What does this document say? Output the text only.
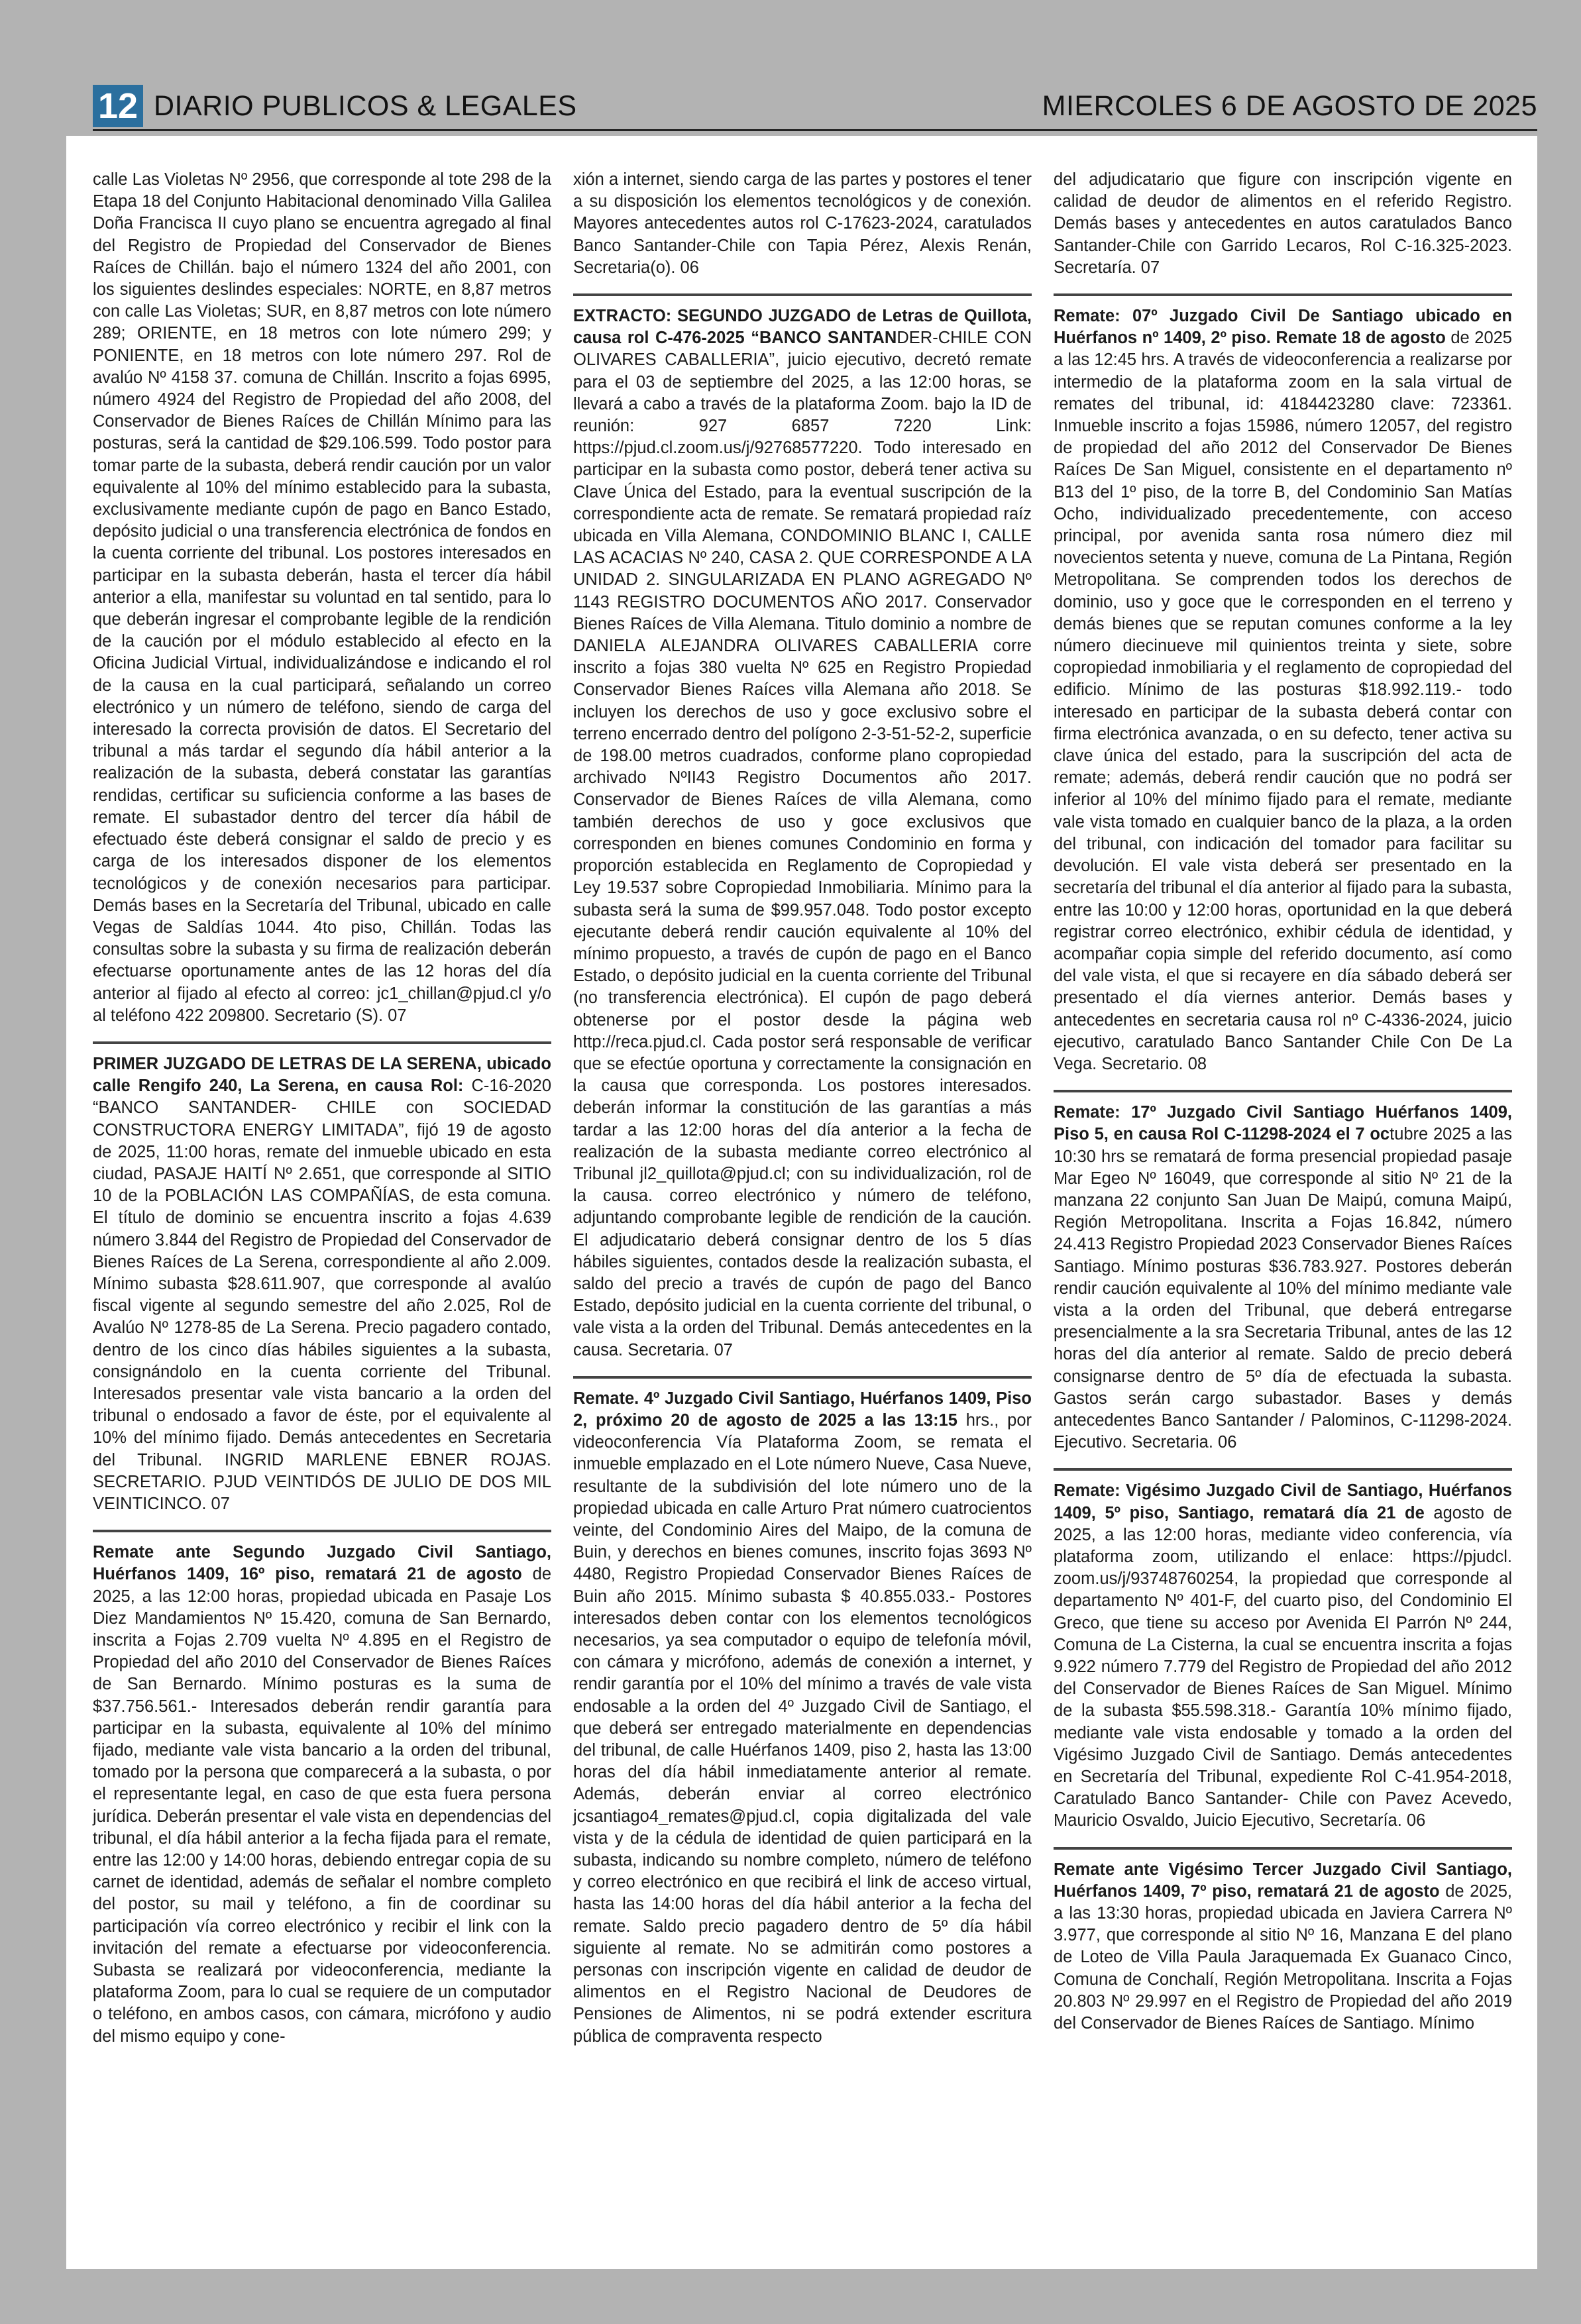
12 DIARIO PUBLICOS & LEGALES	MIERCOLES 6 DE AGOSTO DE 2025

calle Las Violetas Nº 2956, que corresponde al tote 298 de la Etapa 18 del Conjunto Habitacional denominado Villa Galilea Doña Francisca II cuyo plano se encuentra agregado al final del Registro de Propiedad del Conservador de Bienes Raíces de Chillán. bajo el número 1324 del año 2001, con los siguientes deslindes especiales: NORTE, en 8,87 metros con calle Las Violetas; SUR, en 8,87 metros con lote número 289; ORIENTE, en 18 metros con lote número 299; y PONIENTE, en 18 metros con lote número 297. Rol de avalúo Nº 4158 37. comuna de Chillán. Inscrito a fojas 6995, número 4924 del Registro de Propiedad del año 2008, del Conservador de Bienes Raíces de Chillán Mínimo para las posturas, será la cantidad de $29.106.599. Todo postor para tomar parte de la subasta, deberá rendir caución por un valor equivalente al 10% del mínimo establecido para la subasta, exclusivamente mediante cupón de pago en Banco Estado, depósito judicial o una transferencia electrónica de fondos en la cuenta corriente del tribunal. Los postores interesados en participar en la subasta deberán, hasta el tercer día hábil anterior a ella, manifestar su voluntad en tal sentido, para lo que deberán ingresar el comprobante legible de la rendición de la caución por el módulo establecido al efecto en la Oficina Judicial Virtual, individualizándose e indicando el rol de la causa en la cual participará, señalando un correo electrónico y un número de teléfono, siendo de carga del interesado la correcta provisión de datos. El Secretario del tribunal a más tardar el segundo día hábil anterior a la realización de la subasta, deberá constatar las garantías rendidas, certificar su suficiencia conforme a las bases de remate. El subastador dentro del tercer día hábil de efectuado éste deberá consignar el saldo de precio y es carga de los interesados disponer de los elementos tecnológicos y de conexión necesarios para participar. Demás bases en la Secretaría del Tribunal, ubicado en calle Vegas de Saldías 1044. 4to piso, Chillán. Todas las consultas sobre la subasta y su firma de realización deberán efectuarse oportunamente antes de las 12 horas del día anterior al fijado al efecto al correo: jc1_chillan@pjud.cl y/o al teléfono 422 209800. Secretario (S). 07

PRIMER JUZGADO DE LETRAS DE LA SERENA, ubicado calle Rengifo 240, La Serena, en causa Rol: C-16-2020 “BANCO SANTANDER- CHILE con SOCIEDAD CONSTRUCTORA ENERGY LIMITADA”, fijó 19 de agosto de 2025, 11:00 horas, remate del inmueble ubicado en esta ciudad, PASAJE HAITÍ Nº 2.651, que corresponde al SITIO 10 de la POBLACIÓN LAS COMPAÑÍAS, de esta comuna. El título de dominio se encuentra inscrito a fojas 4.639 número 3.844 del Registro de Propiedad del Conservador de Bienes Raíces de La Serena, correspondiente al año 2.009. Mínimo subasta $28.611.907, que corresponde al avalúo fiscal vigente al segundo semestre del año 2.025, Rol de Avalúo Nº 1278-85 de La Serena. Precio pagadero contado, dentro de los cinco días hábiles siguientes a la subasta, consignándolo en la cuenta corriente del Tribunal. Interesados presentar vale vista bancario a la orden del tribunal o endosado a favor de éste, por el equivalente al 10% del mínimo fijado. Demás antecedentes en Secretaria del Tribunal. INGRID MARLENE EBNER ROJAS. SECRETARIO. PJUD VEINTIDÓS DE JULIO DE DOS MIL VEINTICINCO. 07

Remate ante Segundo Juzgado Civil Santiago, Huérfanos 1409, 16º piso, rematará 21 de agosto de 2025, a las 12:00 horas, propiedad ubicada en Pasaje Los Diez Mandamientos Nº 15.420, comuna de San Bernardo, inscrita a Fojas 2.709 vuelta Nº 4.895 en el Registro de Propiedad del año 2010 del Conservador de Bienes Raíces de San Bernardo. Mínimo posturas es la suma de $37.756.561.- Interesados deberán rendir garantía para participar en la subasta, equivalente al 10% del mínimo fijado, mediante vale vista bancario a la orden del tribunal, tomado por la persona que comparecerá a la subasta, o por el representante legal, en caso de que esta fuera persona jurídica. Deberán presentar el vale vista en dependencias del tribunal, el día hábil anterior a la fecha fijada para el remate, entre las 12:00 y 14:00 horas, debiendo entregar copia de su carnet de identidad, además de señalar el nombre completo del postor, su mail y teléfono, a fin de coordinar su participación vía correo electrónico y recibir el link con la invitación del remate a efectuarse por videoconferencia. Subasta se realizará por videoconferencia, mediante la plataforma Zoom, para lo cual se requiere de un computador o teléfono, en ambos casos, con cámara, micrófono y audio del mismo equipo y cone-

xión a internet, siendo carga de las partes y postores el tener a su disposición los elementos tecnológicos y de conexión. Mayores antecedentes autos rol C-17623-2024, caratulados Banco Santander-Chile con Tapia Pérez, Alexis Renán, Secretaria(o). 06

EXTRACTO: SEGUNDO JUZGADO de Letras de Quillota, causa rol C-476-2025 “BANCO SANTANDER-CHILE CON OLIVARES CABALLERIA”, juicio ejecutivo, decretó remate para el 03 de septiembre del 2025, a las 12:00 horas, se llevará a cabo a través de la plataforma Zoom. bajo la ID de reunión: 927 6857 7220 Link: https://pjud.cl.zoom.us/j/92768577220. Todo interesado en participar en la subasta como postor, deberá tener activa su Clave Única del Estado, para la eventual suscripción de la correspondiente acta de remate. Se rematará propiedad raíz ubicada en Villa Alemana, CONDOMINIO BLANC I, CALLE LAS ACACIAS Nº 240, CASA 2. QUE CORRESPONDE A LA UNIDAD 2. SINGULARIZADA EN PLANO AGREGADO Nº 1143 REGISTRO DOCUMENTOS AÑO 2017. Conservador Bienes Raíces de Villa Alemana. Titulo dominio a nombre de DANIELA ALEJANDRA OLIVARES CABALLERIA corre inscrito a fojas 380 vuelta Nº 625 en Registro Propiedad Conservador Bienes Raíces villa Alemana año 2018. Se incluyen los derechos de uso y goce exclusivo sobre el terreno encerrado dentro del polígono 2-3-51-52-2, superficie de 198.00 metros cuadrados, conforme plano copropiedad archivado NºII43 Registro Documentos año 2017. Conservador de Bienes Raíces de villa Alemana, como también derechos de uso y goce exclusivos que corresponden en bienes comunes Condominio en forma y proporción establecida en Reglamento de Copropiedad y Ley 19.537 sobre Copropiedad Inmobiliaria. Mínimo para la subasta será la suma de $99.957.048. Todo postor excepto ejecutante deberá rendir caución equivalente al 10% del mínimo propuesto, a través de cupón de pago en el Banco Estado, o depósito judicial en la cuenta corriente del Tribunal (no transferencia electrónica). El cupón de pago deberá obtenerse por el postor desde la página web http://reca.pjud.cl. Cada postor será responsable de verificar que se efectúe oportuna y correctamente la consignación en la causa que corresponda. Los postores interesados. deberán informar la constitución de las garantías a más tardar a las 12:00 horas del día anterior a la fecha de realización de la subasta mediante correo electrónico al Tribunal jl2_quillota@pjud.cl; con su individualización, rol de la causa. correo electrónico y número de teléfono, adjuntando comprobante legible de rendición de la caución. El adjudicatario deberá consignar dentro de los 5 días hábiles siguientes, contados desde la realización subasta, el saldo del precio a través de cupón de pago del Banco Estado, depósito judicial en la cuenta corriente del tribunal, o vale vista a la orden del Tribunal. Demás antecedentes en la causa. Secretaria. 07

Remate. 4º Juzgado Civil Santiago, Huérfanos 1409, Piso 2, próximo 20 de agosto de 2025 a las 13:15 hrs., por videoconferencia Vía Plataforma Zoom, se remata el inmueble emplazado en el Lote número Nueve, Casa Nueve, resultante de la subdivisión del lote número uno de la propiedad ubicada en calle Arturo Prat número cuatrocientos veinte, del Condominio Aires del Maipo, de la comuna de Buin, y derechos en bienes comunes, inscrito fojas 3693 Nº 4480, Registro Propiedad Conservador Bienes Raíces de Buin año 2015. Mínimo subasta $ 40.855.033.- Postores interesados deben contar con los elementos tecnológicos necesarios, ya sea computador o equipo de telefonía móvil, con cámara y micrófono, además de conexión a internet, y rendir garantía por el 10% del mínimo a través de vale vista endosable a la orden del 4º Juzgado Civil de Santiago, el que deberá ser entregado materialmente en dependencias del tribunal, de calle Huérfanos 1409, piso 2, hasta las 13:00 horas del día hábil inmediatamente anterior al remate. Además, deberán enviar al correo electrónico jcsantiago4_remates@pjud.cl, copia digitalizada del vale vista y de la cédula de identidad de quien participará en la subasta, indicando su nombre completo, número de teléfono y correo electrónico en que recibirá el link de acceso virtual, hasta las 14:00 horas del día hábil anterior a la fecha del remate. Saldo precio pagadero dentro de 5º día hábil siguiente al remate. No se admitirán como postores a personas con inscripción vigente en calidad de deudor de alimentos en el Registro Nacional de Deudores de Pensiones de Alimentos, ni se podrá extender escritura pública de compraventa respecto

del adjudicatario que figure con inscripción vigente en calidad de deudor de alimentos en el referido Registro. Demás bases y antecedentes en autos caratulados Banco Santander-Chile con Garrido Lecaros, Rol C-16.325-2023. Secretaría. 07

Remate: 07º Juzgado Civil De Santiago ubicado en Huérfanos nº 1409, 2º piso. Remate 18 de agosto de 2025 a las 12:45 hrs. A través de videoconferencia a realizarse por intermedio de la plataforma zoom en la sala virtual de remates del tribunal, id: 4184423280 clave: 723361. Inmueble inscrito a fojas 15986, número 12057, del registro de propiedad del año 2012 del Conservador De Bienes Raíces De San Miguel, consistente en el departamento nº B13 del 1º piso, de la torre B, del Condominio San Matías Ocho, individualizado precedentemente, con acceso principal, por avenida santa rosa número diez mil novecientos setenta y nueve, comuna de La Pintana, Región Metropolitana. Se comprenden todos los derechos de dominio, uso y goce que le corresponden en el terreno y demás bienes que se reputan comunes conforme a la ley número diecinueve mil quinientos treinta y siete, sobre copropiedad inmobiliaria y el reglamento de copropiedad del edificio. Mínimo de las posturas $18.992.119.- todo interesado en participar de la subasta deberá contar con firma electrónica avanzada, o en su defecto, tener activa su clave única del estado, para la suscripción del acta de remate; además, deberá rendir caución que no podrá ser inferior al 10% del mínimo fijado para el remate, mediante vale vista tomado en cualquier banco de la plaza, a la orden del tribunal, con indicación del tomador para facilitar su devolución. El vale vista deberá ser presentado en la secretaría del tribunal el día anterior al fijado para la subasta, entre las 10:00 y 12:00 horas, oportunidad en la que deberá registrar correo electrónico, exhibir cédula de identidad, y acompañar copia simple del referido documento, así como del vale vista, el que si recayere en día sábado deberá ser presentado el día viernes anterior. Demás bases y antecedentes en secretaria causa rol nº C-4336-2024, juicio ejecutivo, caratulado Banco Santander Chile Con De La Vega. Secretario. 08

Remate: 17º Juzgado Civil Santiago Huérfanos 1409, Piso 5, en causa Rol C-11298-2024 el 7 octubre 2025 a las 10:30 hrs se rematará de forma presencial propiedad pasaje Mar Egeo Nº 16049, que corresponde al sitio Nº 21 de la manzana 22 conjunto San Juan De Maipú, comuna Maipú, Región Metropolitana. Inscrita a Fojas 16.842, número 24.413 Registro Propiedad 2023 Conservador Bienes Raíces Santiago. Mínimo posturas $36.783.927. Postores deberán rendir caución equivalente al 10% del mínimo mediante vale vista a la orden del Tribunal, que deberá entregarse presencialmente a la sra Secretaria Tribunal, antes de las 12 horas del día anterior al remate. Saldo de precio deberá consignarse dentro de 5º día de efectuada la subasta. Gastos serán cargo subastador. Bases y demás antecedentes Banco Santander / Palominos, C-11298-2024. Ejecutivo. Secretaria. 06

Remate: Vigésimo Juzgado Civil de Santiago, Huérfanos 1409, 5º piso, Santiago, rematará día 21 de agosto de 2025, a las 12:00 horas, mediante video conferencia, vía plataforma zoom, utilizando el enlace: https://pjudcl. zoom.us/j/93748760254, la propiedad que corresponde al departamento Nº 401-F, del cuarto piso, del Condominio El Greco, que tiene su acceso por Avenida El Parrón Nº 244, Comuna de La Cisterna, la cual se encuentra inscrita a fojas 9.922 número 7.779 del Registro de Propiedad del año 2012 del Conservador de Bienes Raíces de San Miguel. Mínimo de la subasta $55.598.318.- Garantía 10% mínimo fijado, mediante vale vista endosable y tomado a la orden del Vigésimo Juzgado Civil de Santiago. Demás antecedentes en Secretaría del Tribunal, expediente Rol C-41.954-2018, Caratulado Banco Santander- Chile con Pavez Acevedo, Mauricio Osvaldo, Juicio Ejecutivo, Secretaría. 06

Remate ante Vigésimo Tercer Juzgado Civil Santiago, Huérfanos 1409, 7º piso, rematará 21 de agosto de 2025, a las 13:30 horas, propiedad ubicada en Javiera Carrera Nº 3.977, que corresponde al sitio Nº 16, Manzana E del plano de Loteo de Villa Paula Jaraquemada Ex Guanaco Cinco, Comuna de Conchalí, Región Metropolitana. Inscrita a Fojas 20.803 Nº 29.997 en el Registro de Propiedad del año 2019 del Conservador de Bienes Raíces de Santiago. Mínimo
